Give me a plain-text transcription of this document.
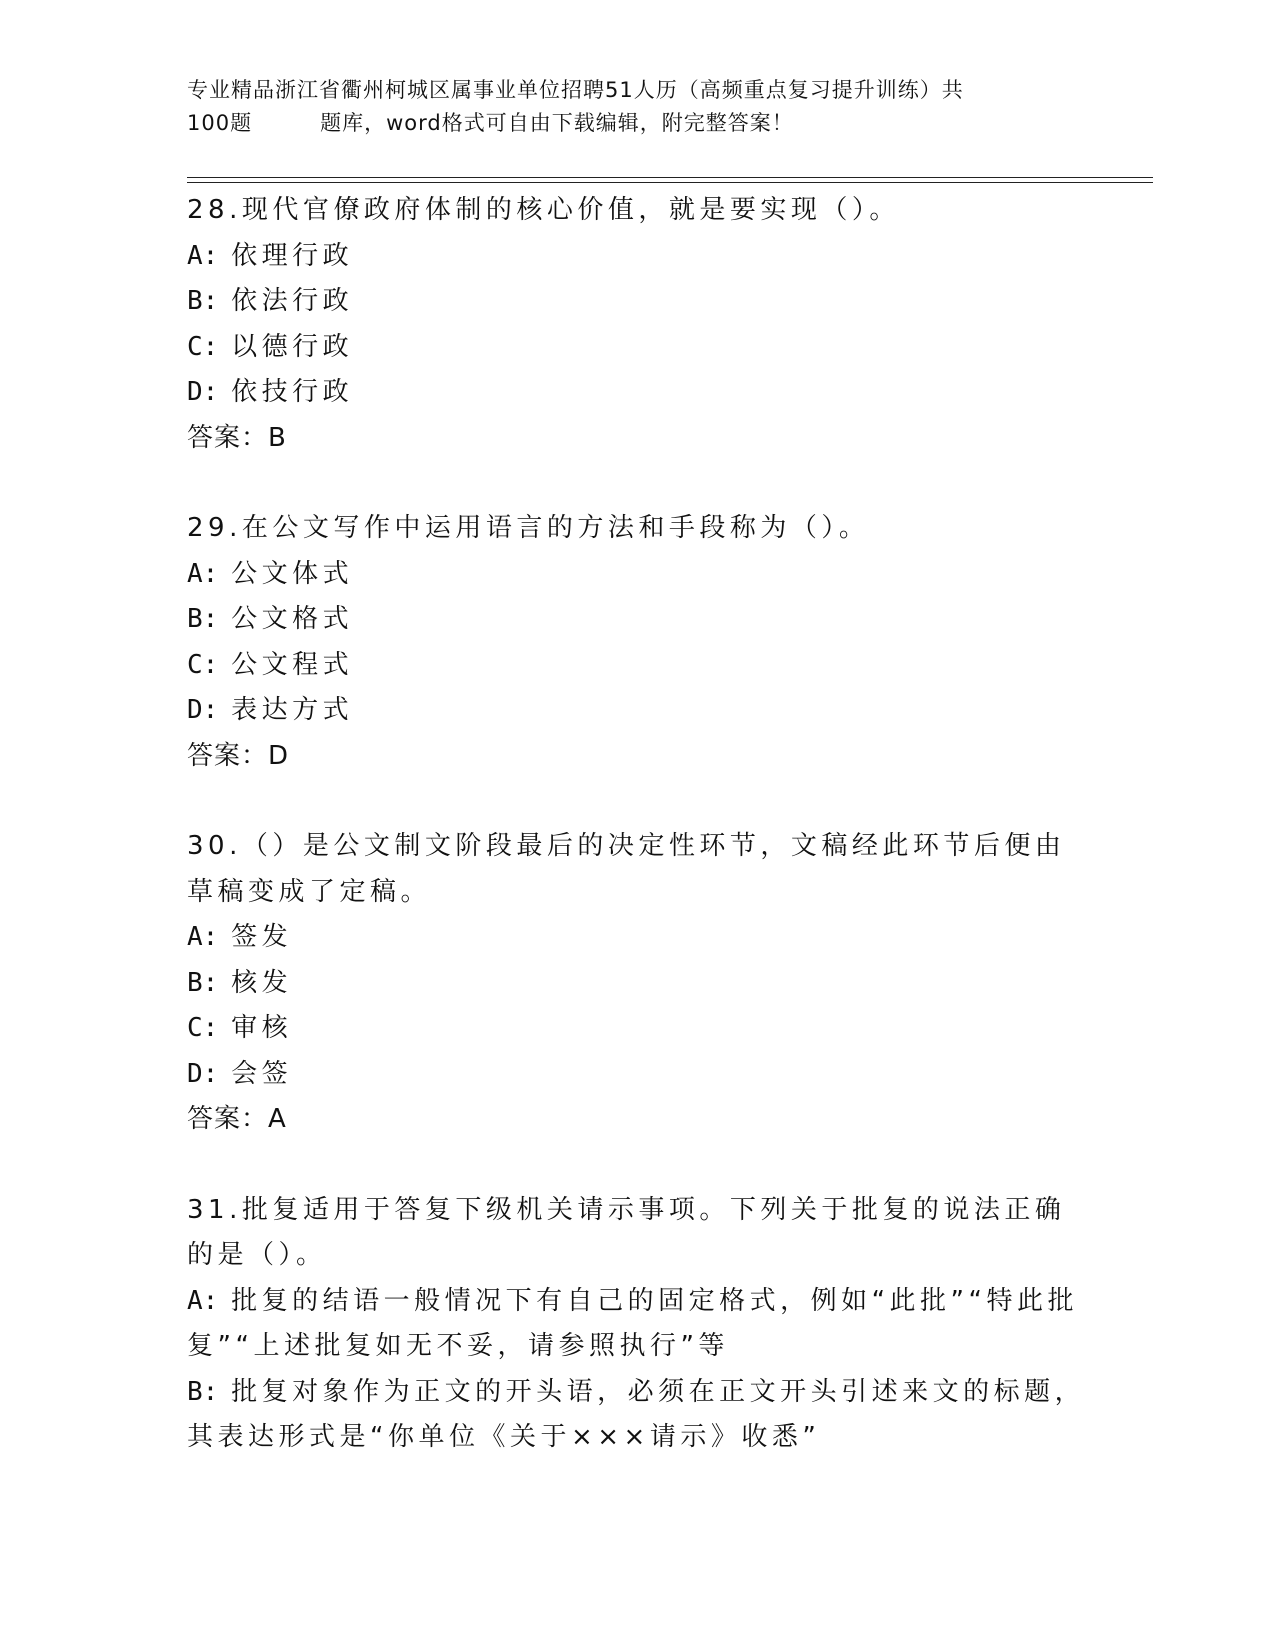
专业精品浙江省衢州柯城区属事业单位招聘51人历（高频重点复习提升训练）共
100题	题库，word格式可自由下载编辑，附完整答案！
28.现代官僚政府体制的核心价值，就是要实现（）。
A: 依理行政
B: 依法行政
C: 以德行政
D: 依技行政
答案：B
29.在公文写作中运用语言的方法和手段称为（）。
A: 公文体式
B: 公文格式
C: 公文程式
D: 表达方式
答案：D
30.（）是公文制文阶段最后的决定性环节，文稿经此环节后便由草稿变成了定稿。
A: 签发
B: 核发
C: 审核
D: 会签
答案：A
31.批复适用于答复下级机关请示事项。下列关于批复的说法正确的是（）。
A: 批复的结语一般情况下有自己的固定格式，例如“此批”“特此批复”“上述批复如无不妥，请参照执行”等
B: 批复对象作为正文的开头语，必须在正文开头引述来文的标题，其表达形式是“你单位《关于×××请示》收悉”
